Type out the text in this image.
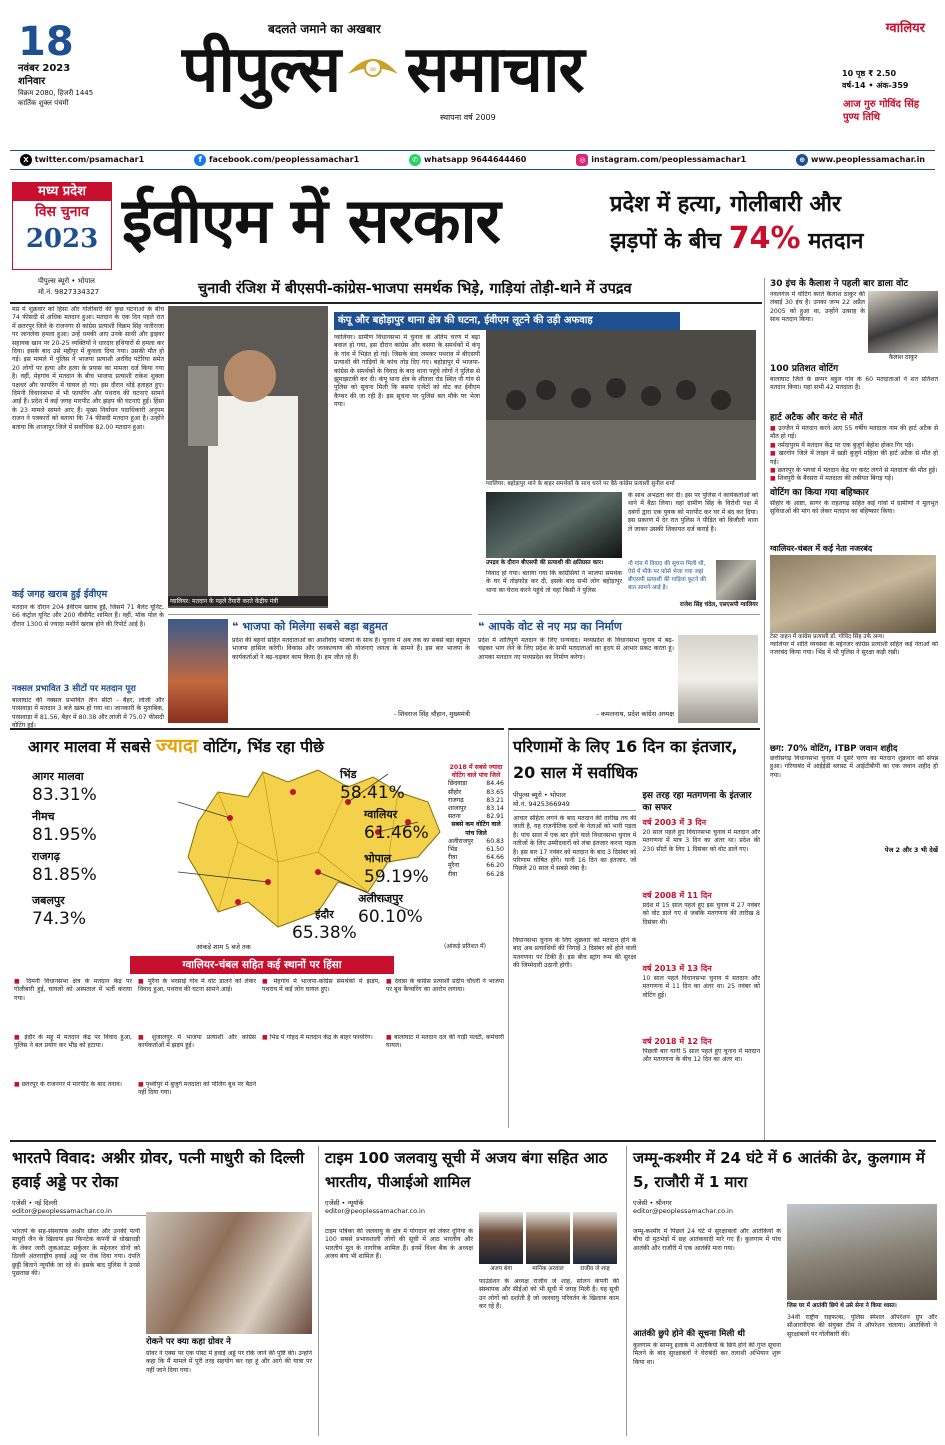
18
नवंबर 2023
शनिवार
विक्रम 2080, हिजरी 1445
कार्तिक शुक्ल पंचमी
बदलते जमाने का अखबार
पीपुल्स	∞ समाचार
स्थापना वर्ष 2009
ग्वालियर
10 पृष्ठ ₹ 2.50
वर्ष-14 • अंक-359
आज गुरु गोविंद सिंह पुण्य तिथि
X twitter.com/psamachar1	f facebook.com/peoplessamachar1	✆ whatsapp 9644644460	◎ instagram.com/peoplessamachar1	⊕ www.peoplessamachar.in
मध्य प्रदेश
विस चुनाव
2023 ईवीएम में सरकार	प्रदेश में हत्या, गोलीबारी और
झड़पों के बीच 74% मतदान
पीपुल्स ब्यूरो • भोपाल
मो.नं. 9827334327	चुनावी रंजिश में बीएसपी-कांग्रेस-भाजपा समर्थक भिड़े, गाड़ियां तोड़ी-थाने में उपद्रव
मप्र में शुक्रवार को हिंसा और गोलीबारी की कुछ घटनाओं के बीच 74 फीसदी से अधिक मतदान हुआ। मतदान के एक दिन पहले रात में छतरपुर जिले के राजनगर से कांग्रेस प्रत्याशी विक्रम सिंह नातीराजा पर जानलेवा हमला हुआ। उन्हें धमकी आए उनके साथी और ड्राइवर सहायक खान पर 20-25 व्यक्तियों ने धारदार हथियारों से हमला कर दिया। इसके बाद उसे महीपुर में कुचला दिया गया। उसकी मौत हो गई। इस मामले में पुलिस ने भाजपा प्रत्याशी अरविंद पटेरिया समेत 20 लोगों पर हत्या और हत्या के प्रयास का मामला दर्ज किया गया है। वहीं, मेहगांव में मतदान के बीच भाजपा प्रत्याशी राकेश शुक्ला पक्षधर और फायरिंग में घायल हो गए। इस दौरान थोड़े हताहत हुए। दिमनी विधानसभा में भी फायरिंग और पथराव की घटनाएं सामने आईं हैं। प्रदेश में कई जगह मारपीट और झड़प की घटनाएं हुईं। हिंसा के 23 मामले सामने आए हैं। मुख्य निर्वाचन पदाधिकारी अनुपम राजन ने पत्रकारों को बताया कि 74 फीसदी मतदान हुआ है। उन्होंने बताया कि शाजापुर जिले में सर्वाधिक 82.00 मतदान हुआ।
कई जगह खराब हुई ईवीएम
मतदान के दौरान 204 ईवीएम खराब हुईं, जिसमें 71 बैलेट यूनिट, 66 कंट्रोल यूनिट और 200 वीवीपैट शामिल हैं। वहीं, मॉक पोल के दौरान 1300 से ज्यादा मशीनें खराब होने की रिपोर्ट आई है।
नक्सल प्रभावित 3 सीटों पर मतदान पूरा
बालाघाट की नक्सल प्रभावित तीन सीटों - बैहर, लांजी और परसवाड़ा में मतदान 3 बजे खत्म हो गया था। जानकारी के मुताबिक, परसवाड़ा में 81.56, बैहर में 80.38 और लांजी में 75.07 फीसदी वोटिंग हुई।
ग्वालियर: मतदान के पहले तैयारी करते केंद्रीय मंत्री
कंपू और बहोड़ापुर थाना क्षेत्र की घटना, ईवीएम लूटने की उड़ी अफवाह
ग्वालियर। ग्रामीण विधानसभा में चुनाव के अंतिम चरण में बढ़ा बवाल हो गया, इस दौरान कांग्रेस और बसपा के समर्थकों में कंपू के गांव में भिड़ंत हो गई। जिसके बाद जमकर पथराव में बीएसपी प्रत्याशी की गाड़ियों के कांच तोड़ दिए गए। बहोड़ापुर में भाजपा-कांग्रेस के समर्थकों के विवाद के बाद थाना पहुंचे लोगों ने पुलिस से झूमाझटकी कर दी। कंपू थाना क्षेत्र के शीतला रोड स्थित नौ गांव से पुलिस को सूचना मिली कि बसपा एजेंटों को वोट कर ईवीएम कैप्चर की जा रही है। इस सूचना पर पुलिस बल मौके पर भेजा गया।
ग्वालियर: बहोड़ापुर थाने के बाहर समर्थकों के साथ धरने पर बैठे कांग्रेस प्रत्याशी सुनील शर्मा
उपद्रव के दौरान बीएसपी की प्रत्याशी की क्षतिग्रस्त कार।
विवाद हो गया। बताया गया कि कांग्रेसियों ने भाजपा समर्थक के घर में तोड़फोड़ कर दी, इसके बाद सभी लोग बहोड़ापुर थाना का घेराव करने पहुंचे तो वहां किसी ने पुलिस
के साथ अभद्रता कर दी। इस पर पुलिस ने कार्यकर्ताओं को थाने में बैठा लिया। वहां ग्रामीण सिंह के विरोधी पक्ष में दबंगों द्वारा एक युवक को मारपीट कर घर में बंद कर दिया। इस प्रकरण में देर रात पुलिस ने पीड़ित को बिजौली थाना ले जाकर उसकी शिकायत दर्ज कराई है।
नौ गांव में विवाद की सूचना मिली थी, ऐसे में मौके पर फोर्स भेजा गया जहां बीएसपी प्रत्याशी की गाड़ियां फूटने की बात सामने आई है।
राजेश सिंह चंदेल, एसएसपी ग्वालियर
❝ भाजपा को मिलेगा सबसे बड़ा बहुमत
प्रदेश की बहनों सहित मतदाताओं का आशीर्वाद भाजपा के साथ है। चुनाव में अब तक का सबसे बड़ा बहुमत भाजपा हासिल करेगी। विकास और जनकल्याण की योजनाएं जनता के सामने हैं। इस बार भाजपा के कार्यकर्ताओं ने बढ़-चढ़कर काम किया है। हम जीत रहे हैं।
- शिवराज सिंह चौहान, मुख्यमंत्री
❝ आपके वोट से नए मप्र का निर्माण
प्रदेश में शांतिपूर्ण मतदान के लिए धन्यवाद। मध्यप्रदेश के विधानसभा चुनाव में बढ़-चढ़कर भाग लेने के लिए प्रदेश के सभी मतदाताओं का हृदय से आभार प्रकट करता हूं। आपका मतदान नए मध्यप्रदेश का निर्माण करेगा।
- कमलनाथ, प्रदेश कांग्रेस अध्यक्ष
30 इंच के कैलाश ने पहली बार डाला वोट
नवलगंज में वोटिंग करते कैलाश ठाकुर की लंबाई 30 इंच है। उनका जन्म 22 अप्रैल 2005 को हुआ था, उन्होंने उत्साह के साथ मतदान किया।
कैलाश ठाकुर
100 प्रतिशत वोटिंग
बालाघाट जिले के छप्पर बहुल गांव के 60 मतदाताओं ने शत प्रतिशत मतदान किया। यहां सभी 42 मतदाता हैं।
हार्ट अटैक और करंट से मौतें
■ उज्जैन में मतदान करने आए 55 वर्षीय मतदाता नाम की हार्ट अटैक से मौत हो गई।
■ नर्मदापुरम में मतदान केंद्र पर एक बुजुर्ग बेहोश होकर गिर पड़े।
■ खरगोन जिले में लाइन में खड़ी बुजुर्ग महिला की हार्ट अटैक से मौत हो गई।
■ छतरपुर के भगवां में मतदान केंद्र पर करंट लगने से मतदाता की मौत हुई।
■ शिवपुरी के बैरसरा में मतदाता की तबीयत बिगड़ गई।
वोटिंग का किया गया बहिष्कार
सीहोर के आष्टा, सागर के राहतगढ़ सहित कई गांवों में ग्रामीणों ने मूलभूत सुविधाओं की मांग को लेकर मतदान का बहिष्कार किया।
ग्वालियर-चंबल में कई नेता नजरबंद
टेस्ट वाहन में कांग्रेस प्रत्याशी डॉ. गोविंद सिंह उर्फ अन्य।
ग्वालियर में शांति व्यवस्था के मद्देनजर कांग्रेस प्रत्याशी सहित कई नेताओं को नजरबंद किया गया। भिंड में भी पुलिस ने सुरक्षा कड़ी रखी।
छग: 70% वोटिंग, ITBP जवान शहीद
छत्तीसगढ़ विधानसभा चुनाव में दूसरे चरण का मतदान शुक्रवार को संपन्न हुआ। गरियाबंद में आईईडी ब्लास्ट में आईटीबीपी का एक जवान शहीद हो गया।
पेज 2 और 3 भी देखें
आगर मालवा में सबसे ज्यादा वोटिंग, भिंड रहा पीछे
आगर मालवा
83.31%
नीमच
81.95%
राजगढ़
81.85%
जबलपुर
74.3%
भिंड
58.41%
ग्वालियर
61.46%
भोपाल
59.19%
अलीराजपुर
60.10%
इंदौर
65.38%
2018 में सबसे ज्यादा वोटिंग वाले पांच जिले
छिंदवाड़ा	84.46
सीहोर	83.65
राजगढ़	83.21
शाजापुर	83.14
सतना	82.91
सबसे कम वोटिंग वाले पांच जिले
अलीराजपुर 60.83
भिंड	61.50
रीवा	64.66
मुरैना	66.20
रीवा	66.28
आंकड़े शाम 5 बजे तक	(आंकड़े प्रतिशत में)
परिणामों के लिए 16 दिन का इंतजार, 20 साल में सर्वाधिक
पीपुल्स ब्यूरो • भोपाल
मो.नं. 9425366949
आचार संहिता लगने के बाद मतदान की तारीख तय की जाती है, यह राजनीतिक दलों के नेताओं को भारी पड़ता है। पांच साल में एक बार होने वाले विधानसभा चुनाव में नतीजों के लिए उम्मीदवारों को लंबा इंतजार करना पड़ता है। इस बार 17 नवंबर को मतदान के बाद 3 दिसंबर को परिणाम घोषित होंगे। यानी 16 दिन का इंतजार, जो पिछले 20 साल में सबसे लंबा है।
विधानसभा चुनाव के लिए शुक्रवार को मतदान होने के बाद अब प्रत्याशियों की निगाहें 3 दिसंबर को होने वाली मतगणना पर टिकी हैं। इस बीच स्ट्रांग रूम की सुरक्षा की जिम्मेदारी उठानी होगी।
इस तरह रहा मतगणना के इंतजार का सफर
वर्ष 2003 में 3 दिन
20 साल पहले हुए विधानसभा चुनाव में मतदान और मतगणना में मात्र 3 दिन का अंतर था। प्रदेश की 230 सीटों के लिए 1 दिसंबर को वोट डाले गए।
वर्ष 2008 में 11 दिन
प्रदेश में 15 साल पहले हुए इस चुनाव में 27 नवंबर को वोट डाले गए थे जबकि मतगणना की तारीख 8 दिसंबर थी।
वर्ष 2013 में 13 दिन
10 साल पहले विधानसभा चुनाव में मतदान और मतगणना में 11 दिन का अंतर था। 25 नवंबर को वोटिंग हुई।
वर्ष 2018 में 12 दिन
पिछली बार यानी 5 साल पहले हुए चुनाव में मतदान और मतगणना के बीच 12 दिन का अंतर था।
ग्वालियर-चंबल सहित कई स्थानों पर हिंसा
■ दिमनी विधानसभा क्षेत्र के मतदान केंद्र पर गोलीबारी हुई, घायलों को अस्पताल में भर्ती कराया गया।
■ मुरैना के भरसाई गांव में वोट डालने को लेकर विवाद हुआ, पथराव की घटना सामने आई।
■ मेहगांव में भाजपा-कांग्रेस समर्थकों में झड़प, पथराव में कई लोग घायल हुए।
■ देवास के कांग्रेस प्रत्याशी प्रदीप चौधरी ने भाजपा पर बूथ कैप्चरिंग का आरोप लगाया।
■ इंदौर के महू में मतदान केंद्र पर विवाद हुआ, पुलिस ने बल प्रयोग कर भीड़ को हटाया।
■ शुजालपुर में भाजपा प्रत्याशी और कांग्रेस कार्यकर्ताओं में झड़प हुई।
■ भिंड में गोहद में मतदान केंद्र के बाहर फायरिंग।	■ बालाघाट में मतदान दल की गाड़ी पलटी, कर्मचारी घायल।
■ छतरपुर के राजनगर में मारपीट के बाद तनाव।	■ पृथ्वीपुर में बुजुर्ग मतदाता को पोलिंग बूथ पर बैठने नहीं दिया गया।
भारतपे विवाद: अश्नीर ग्रोवर, पत्नी माधुरी को दिल्ली हवाई अड्डे पर रोका
एजेंसी • नई दिल्ली
editor@peoplessamachar.co.in
भारतपे के सह-संस्थापक अश्नीर ग्रोवर और उनकी पत्नी माधुरी जैन के खिलाफ इस फिनटेक कंपनी से धोखाधड़ी के लेकर जारी लुकआउट सर्कुलर के मद्देनजर दोनों को दिल्ली अंतरराष्ट्रीय हवाई अड्डे पर रोक दिया गया। दंपति छुट्टी बिताने न्यूयॉर्क जा रहे थे। इसके बाद पुलिस ने उनसे पूछताछ की।
रोकने पर क्या कहा ग्रोवर ने
ग्रोवर ने एक्स पर एक पोस्ट में हवाई अड्डे पर रोके जाने की पुष्टि की। उन्होंने कहा कि मैं मामले में पूरी तरह सहयोग कर रहा हूं और आगे की यात्रा पर नहीं जाने दिया गया।
टाइम 100 जलवायु सूची में अजय बंगा सहित आठ भारतीय, पीआईओ शामिल
एजेंसी • न्यूयॉर्क
editor@peoplessamachar.co.in
टाइम पत्रिका की जलवायु के क्षेत्र में योगदान को लेकर दुनिया के 100 सबसे प्रभावशाली लोगों की सूची में आठ भारतीय और भारतीय मूल के नागरिक शामिल हैं। इनमें विश्व बैंक के अध्यक्ष अजय बंगा भी शामिल हैं।
अजय बंगा	मानिक अरवाल	राजीव जे शाह
फाउंडेशन के अध्यक्ष राजीव जे शाह, सोलन कंपनी की संस्थापक और सीईओ को भी सूची में जगह मिली है। यह सूची उन लोगों को दर्शाती है जो जलवायु परिवर्तन के खिलाफ काम कर रहे हैं।
जम्मू-कश्मीर में 24 घंटे में 6 आतंकी ढेर, कुलगाम में 5, राजौरी में 1 मारा
एजेंसी • श्रीनगर
editor@peoplessamachar.co.in
जम्मू-कश्मीर में पिछले 24 घंटे में सुरक्षाबलों और आतंकियों के बीच दो मुठभेड़ों में छह आतंकवादी मारे गए हैं। कुलगाम में पांच आतंकी और राजौरी में एक आतंकी मारा गया।
आतंकी छुपे होने की सूचना मिली थी
कुलगाम के सामनू इलाके में आतंकियों के छिपे होने की गुप्त सूचना मिलने के बाद सुरक्षाबलों ने घेराबंदी कर तलाशी अभियान शुरू किया था।
जिस घर में आतंकी छिपे थे उसे सेना ने किया ध्वस्त।
34वीं राष्ट्रीय राइफल्स, पुलिस स्पेशल ऑपरेशन ग्रुप और सीआरपीएफ की संयुक्त टीम ने ऑपरेशन चलाया। आतंकियों ने सुरक्षाबलों पर गोलीबारी की।
